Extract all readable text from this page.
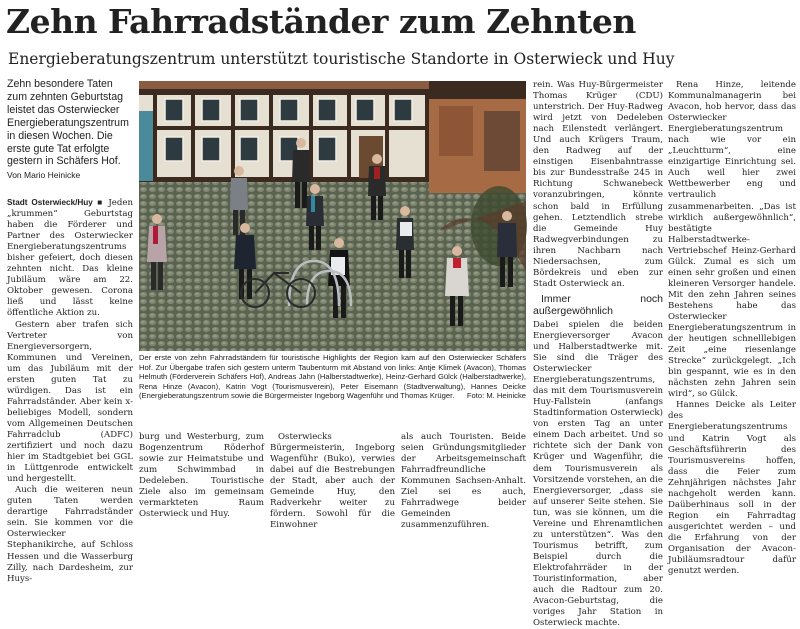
Zehn Fahrradständer zum Zehnten
Energieberatungszentrum unterstützt touristische Standorte in Osterwieck und Huy
Zehn besondere Taten zum zehnten Geburtstag leistet das Osterwiecker Energieberatungszentrum in diesen Wochen. Die erste gute Tat erfolgte gestern in Schäfers Hof.
Von Mario Heinicke

Stadt Osterwieck/Huy ■ Jeden „krummen“ Geburtstag haben die Förderer und Partner des Osterwiecker Energieberatungszentrums bisher gefeiert, doch diesen zehnten nicht. Das kleine Jubiläum wäre am 22. Oktober gewesen. Corona ließ und lässt keine öffentliche Aktion zu.

Gestern aber trafen sich Vertreter von Energieversorgern, Kommunen und Vereinen, um das Jubiläum mit der ersten guten Tat zu würdigen. Das ist ein Fahrradständer. Aber kein x-beliebiges Modell, sondern vom Allgemeinen Deutschen Fahrradclub (ADFC) zertifiziert und noch dazu hier im Stadtgebiet bei GGL in Lüttgenrode entwickelt und hergestellt.

Auch die weiteren neun guten Taten werden derartige Fahrradständer sein. Sie kommen vor die Osterwiecker Stephanikirche, auf Schloss Hessen und die Wasserburg Zilly, nach Dardesheim, zur Huys-

Der erste von zehn Fahrradständern für touristische Highlights der Region kam auf den Osterwiecker Schäfers Hof. Zur Übergabe trafen sich gestern unterm Taubenturm mit Abstand von links: Antje Klimek (Avacon), Thomas Helmuth (Förderverein Schäfers Hof), Andreas Jahn (Halberstadtwerke), Heinz-Gerhard Gülck (Halberstadtwerke), Rena Hinze (Avacon), Katrin Vogt (Tourismusverein), Peter Eisemann (Stadtverwaltung), Hannes Deicke (Energieberatungszentrum sowie die Bürgermeister Ingeborg Wagenführ und Thomas Krüger. Foto: M. Heinicke

burg und Westerburg, zum Bogenzentrum Röderhof sowie zur Heimatstube und zum Schwimmbad in Dedeleben. Touristische Ziele also im gemeinsam vermarkteten Raum Osterwieck und Huy.

Osterwiecks Bürgermeisterin, Ingeborg Wagenführ (Buko), verwies dabei auf die Bestrebungen der Stadt, aber auch der Gemeinde Huy, den Radverkehr weiter zu fördern. Sowohl für die Einwohner

als auch Touristen. Beide seien Gründungsmitglieder der Arbeitsgemeinschaft Fahrradfreundliche Kommunen Sachsen-Anhalt. Ziel sei es auch, Fahrradwege beider Gemeinden zusammenzuführen.

rein. Was Huy-Bürgermeister Thomas Krüger (CDU) unterstrich. Der Huy-Radweg wird jetzt von Dedeleben nach Eilenstedt verlängert. Und auch Krügers Traum, den Radweg auf der einstigen Eisenbahntrasse bis zur Bundesstraße 245 in Richtung Schwanebeck voranzubringen, könnte schon bald in Erfüllung gehen. Letztendlich strebe die Gemeinde Huy Radwegverbindungen zu ihren Nachbarn nach Niedersachsen, zum Bördekreis und eben zur Stadt Osterwieck an.

Immer noch außergewöhnlich

Dabei spielen die beiden Energieversorger Avacon und Halberstadtwerke mit. Sie sind die Träger des Osterwiecker Energieberatungszentrums, das mit dem Tourismusverein Huy-Fallstein (anfangs Stadtinformation Osterwieck) von ersten Tag an unter einem Dach arbeitet. Und so richtete sich der Dank von Krüger und Wagenführ, die dem Tourismusverein als Vorsitzende vorstehen, an die Energieversorger, „dass sie auf unserer Seite stehen. Sie tun, was sie können, um die Vereine und Ehrenamtlichen zu unterstützen“. Was den Tourismus betrifft, zum Beispiel durch die Elektrofahrräder in der Touristinformation, aber auch die Radtour zum 20. Avacon-Geburtstag, die voriges Jahr Station in Osterwieck machte.

Rena Hinze, leitende Kommunalmanagerin bei Avacon, hob hervor, dass das Osterwiecker Energieberatungszentrum nach wie vor ein „Leuchtturm“, eine einzigartige Einrichtung sei. Auch weil hier zwei Wettbewerber eng und vertraulich zusammenarbeiten. „Das ist wirklich außergewöhnlich“, bestätigte Halberstadtwerke-Vertriebschef Heinz-Gerhard Gülck. Zumal es sich um einen sehr großen und einen kleineren Versorger handele. Mit den zehn Jahren seines Bestehens habe das Osterwiecker Energieberatungszentrum in der heutigen schnelllebigen Zeit „eine riesenlange Strecke“ zurückgelegt. „Ich bin gespannt, wie es in den nächsten zehn Jahren sein wird“, so Gülck.

Hannes Deicke als Leiter des Energieberatungszentrums und Katrin Vogt als Geschäftsführerin des Tourismusvereins hoffen, dass die Feier zum Zehnjährigen nächstes Jahr nachgeholt werden kann. Daüberhinaus soll in der Region ein Fahrradtag ausgerichtet werden – und die Erfahrung von der Organisation der Avacon-Jubiläumsradtour dafür genutzt werden.
